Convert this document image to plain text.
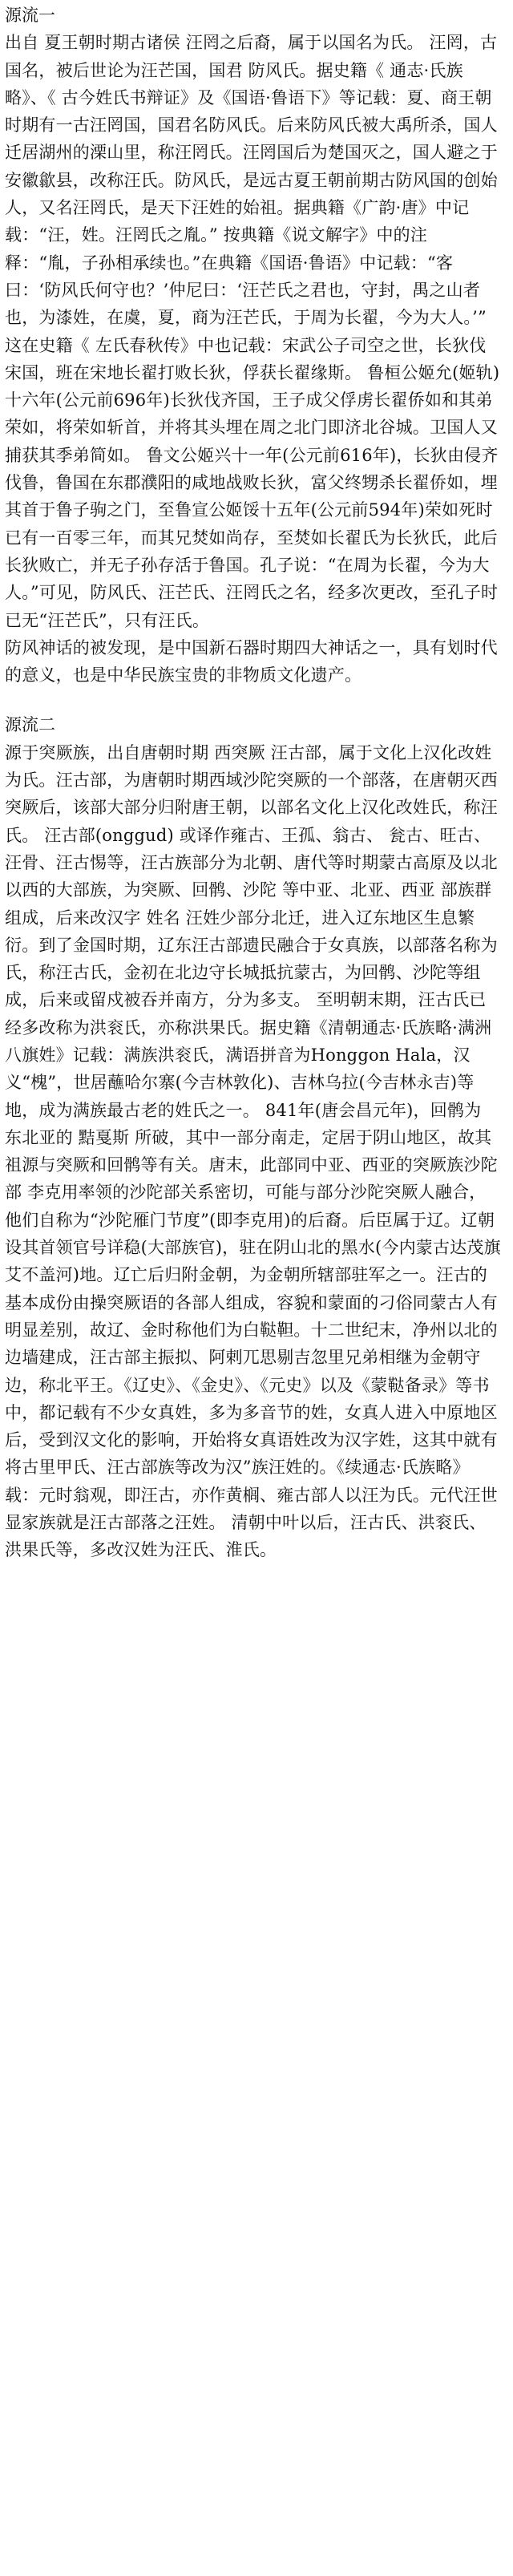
源流一

出自 夏王朝时期古诸侯 汪罔之后裔，属于以国名为氏。 汪罔，古国名，被后世论为汪芒国，国君 防风氏。据史籍《 通志·氏族略》、《 古今姓氏书辩证》及《国语·鲁语下》等记载：夏、商王朝时期有一古汪罔国，国君名防风氏。后来防风氏被大禹所杀，国人迁居湖州的溧山里，称汪罔氏。汪罔国后为楚国灭之，国人避之于 安徽歙县，改称汪氏。防风氏，是远古夏王朝前期古防风国的创始人，又名汪罔氏，是天下汪姓的始祖。据典籍《广韵·唐》中记载：“汪，姓。汪罔氏之胤。” 按典籍《说文解字》中的注释：“胤，子孙相承续也。”在典籍《国语·鲁语》中记载：“客曰：‘防风氏何守也？’仲尼曰：‘汪芒氏之君也，守封，禺之山者也，为漆姓，在虞，夏，商为汪芒氏，于周为长翟，今为大人。’” 这在史籍《 左氏春秋传》中也记载：宋武公子司空之世，长狄伐宋国，班在宋地长翟打败长狄，俘获长翟缘斯。 鲁桓公姬允(姬轨)十六年(公元前696年)长狄伐齐国，王子成父俘虏长翟侨如和其弟荣如，将荣如斩首，并将其头埋在周之北门即济北谷城。卫国人又捕获其季弟简如。 鲁文公姬兴十一年(公元前616年)，长狄由侵齐伐鲁，鲁国在东郡濮阳的咸地战败长狄，富父终甥杀长翟侨如，埋其首于鲁子驹之门，至鲁宣公姬馁十五年(公元前594年)荣如死时已有一百零三年，而其兄焚如尚存，至焚如长翟氏为长狄氏，此后长狄败亡，并无子孙存活于鲁国。孔子说：“在周为长翟，今为大人。”可见，防风氏、汪芒氏、汪罔氏之名，经多次更改，至孔子时已无“汪芒氏”，只有汪氏。

防风神话的被发现，是中国新石器时期四大神话之一，具有划时代的意义，也是中华民族宝贵的非物质文化遗产。

源流二

源于突厥族，出自唐朝时期 西突厥 汪古部，属于文化上汉化改姓为氏。汪古部，为唐朝时期西域沙陀突厥的一个部落，在唐朝灭西突厥后，该部大部分归附唐王朝，以部名文化上汉化改姓氏，称汪氏。 汪古部(onggud) 或译作雍古、王孤、翁古、 瓮古、旺古、汪骨、汪古惕等，汪古族部分为北朝、唐代等时期蒙古高原及以北以西的大部族，为突厥、回鹘、沙陀 等中亚、北亚、西亚 部族群组成，后来改汉字 姓名 汪姓少部分北迁，进入辽东地区生息繁衍。到了金国时期，辽东汪古部遗民融合于女真族，以部落名称为氏，称汪古氏，金初在北边守长城抵抗蒙古，为回鹘、沙陀等组成，后来或留戍被吞并南方，分为多支。 至明朝末期，汪古氏已经多改称为洪衮氏，亦称洪果氏。据史籍《清朝通志·氏族略·满洲八旗姓》记载：满族洪衮氏，满语拼音为Honggon Hala，汉义“槐”，世居蘸哈尔寨(今吉林敦化)、吉林乌拉(今吉林永吉)等地，成为满族最古老的姓氏之一。 841年(唐会昌元年)，回鹘为 东北亚的 黠戛斯 所破，其中一部分南走，定居于阴山地区，故其祖源与突厥和回鹘等有关。唐末，此部同中亚、西亚的突厥族沙陀部 李克用率领的沙陀部关系密切，可能与部分沙陀突厥人融合，他们自称为“沙陀雁门节度”(即李克用)的后裔。后臣属于辽。辽朝设其首领官号详稳(大部族官)，驻在阴山北的黑水(今内蒙古达茂旗艾不盖河)地。辽亡后归附金朝，为金朝所辖部驻军之一。汪古的基本成份由操突厥语的各部人组成，容貌和蒙面的刁俗同蒙古人有明显差别，故辽、金时称他们为白鞑靼。十二世纪末，净州以北的边墙建成，汪古部主振拟、阿剌兀思剔吉忽里兄弟相继为金朝守边，称北平王。《辽史》、《金史》、《元史》以及《蒙鞑备录》等书中，都记载有不少女真姓，多为多音节的姓，女真人进入中原地区后，受到汉文化的影响，开始将女真语姓改为汉字姓，这其中就有将古里甲氏、汪古部族等改为汉”族汪姓的。《续通志·氏族略》载：元时翁观，即汪古，亦作黄榈、雍古部人以汪为氏。元代汪世显家族就是汪古部落之汪姓。 清朝中叶以后，汪古氏、洪衮氏、洪果氏等，多改汉姓为汪氏、淮氏。
